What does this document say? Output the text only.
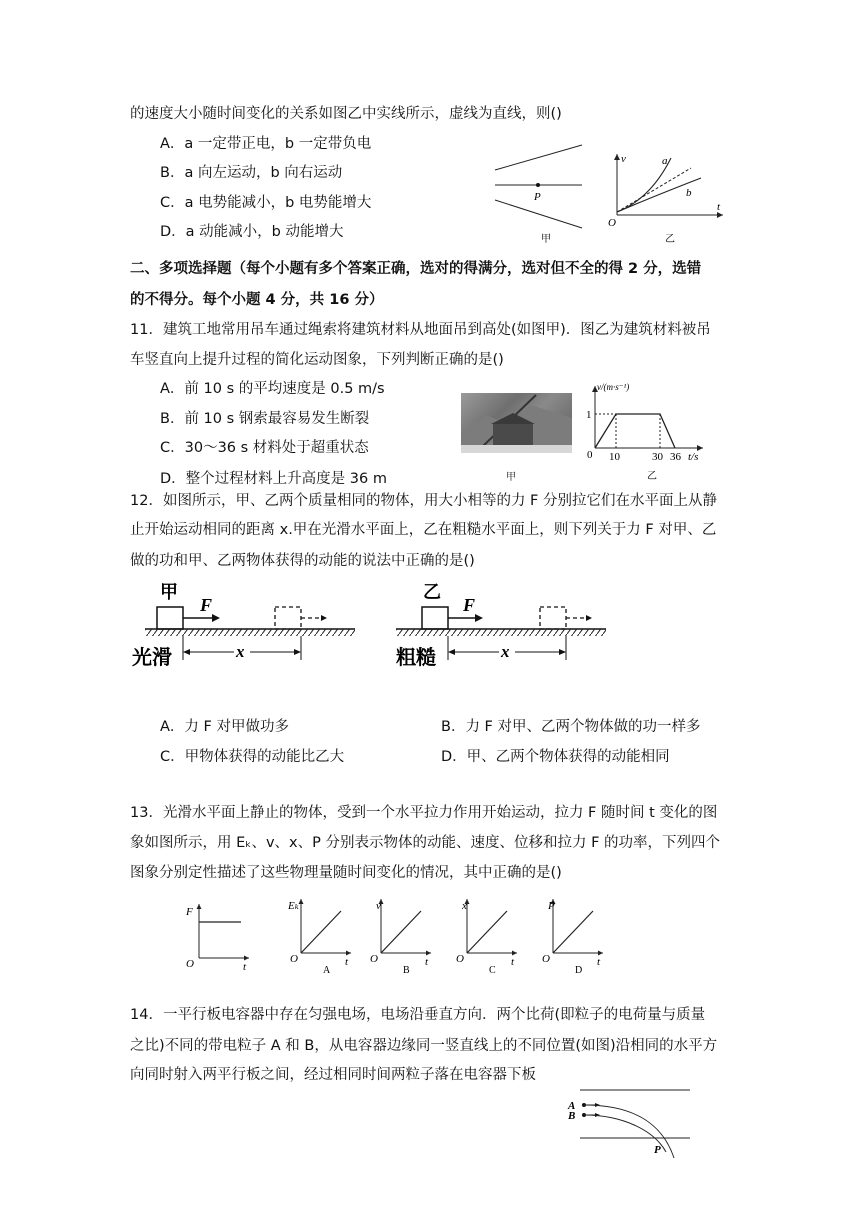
的速度大小随时间变化的关系如图乙中实线所示，虚线为直线，则()
A．a 一定带正电，b 一定带负电
B．a 向左运动，b 向右运动
C．a 电势能减小，b 电势能增大
D．a 动能减小，b 动能增大
P
甲
v
t
O
a
b
乙
二、多项选择题（每个小题有多个答案正确，选对的得满分，选对但不全的得 2 分，选错
的不得分。每个小题 4 分，共 16 分）
11．建筑工地常用吊车通过绳索将建筑材料从地面吊到高处(如图甲)．图乙为建筑材料被吊
车竖直向上提升过程的简化运动图象，下列判断正确的是()
A．前 10 s 的平均速度是 0.5 m/s
B．前 10 s 钢索最容易发生断裂
C．30～36 s 材料处于超重状态
D．整个过程材料上升高度是 36 m	甲
v/(m·s⁻¹)
1
0 10	30 36 t/s
乙
12．如图所示，甲、乙两个质量相同的物体，用大小相等的力 F 分别拉它们在水平面上从静
止开始运动相同的距离 x.甲在光滑水平面上，乙在粗糙水平面上，则下列关于力 F 对甲、乙
做的功和甲、乙两物体获得的动能的说法中正确的是()
甲
F
光滑	x
乙
F
粗糙	x
A．力 F 对甲做功多	B．力 F 对甲、乙两个物体做的功一样多
C．甲物体获得的动能比乙大	D．甲、乙两个物体获得的动能相同
13．光滑水平面上静止的物体，受到一个水平拉力作用开始运动，拉力 F 随时间 t 变化的图
象如图所示，用 Eₖ、v、x、P 分别表示物体的动能、速度、位移和拉力 F 的功率，下列四个
图象分别定性描述了这些物理量随时间变化的情况，其中正确的是()
F
O	t
Eₖ
O	t
A
v
O	t
B
x
O	t
C
P
O	t
D
14．一平行板电容器中存在匀强电场，电场沿垂直方向．两个比荷(即粒子的电荷量与质量
之比)不同的带电粒子 A 和 B，从电容器边缘同一竖直线上的不同位置(如图)沿相同的水平方
向同时射入两平行板之间，经过相同时间两粒子落在电容器下板
A
B
P
